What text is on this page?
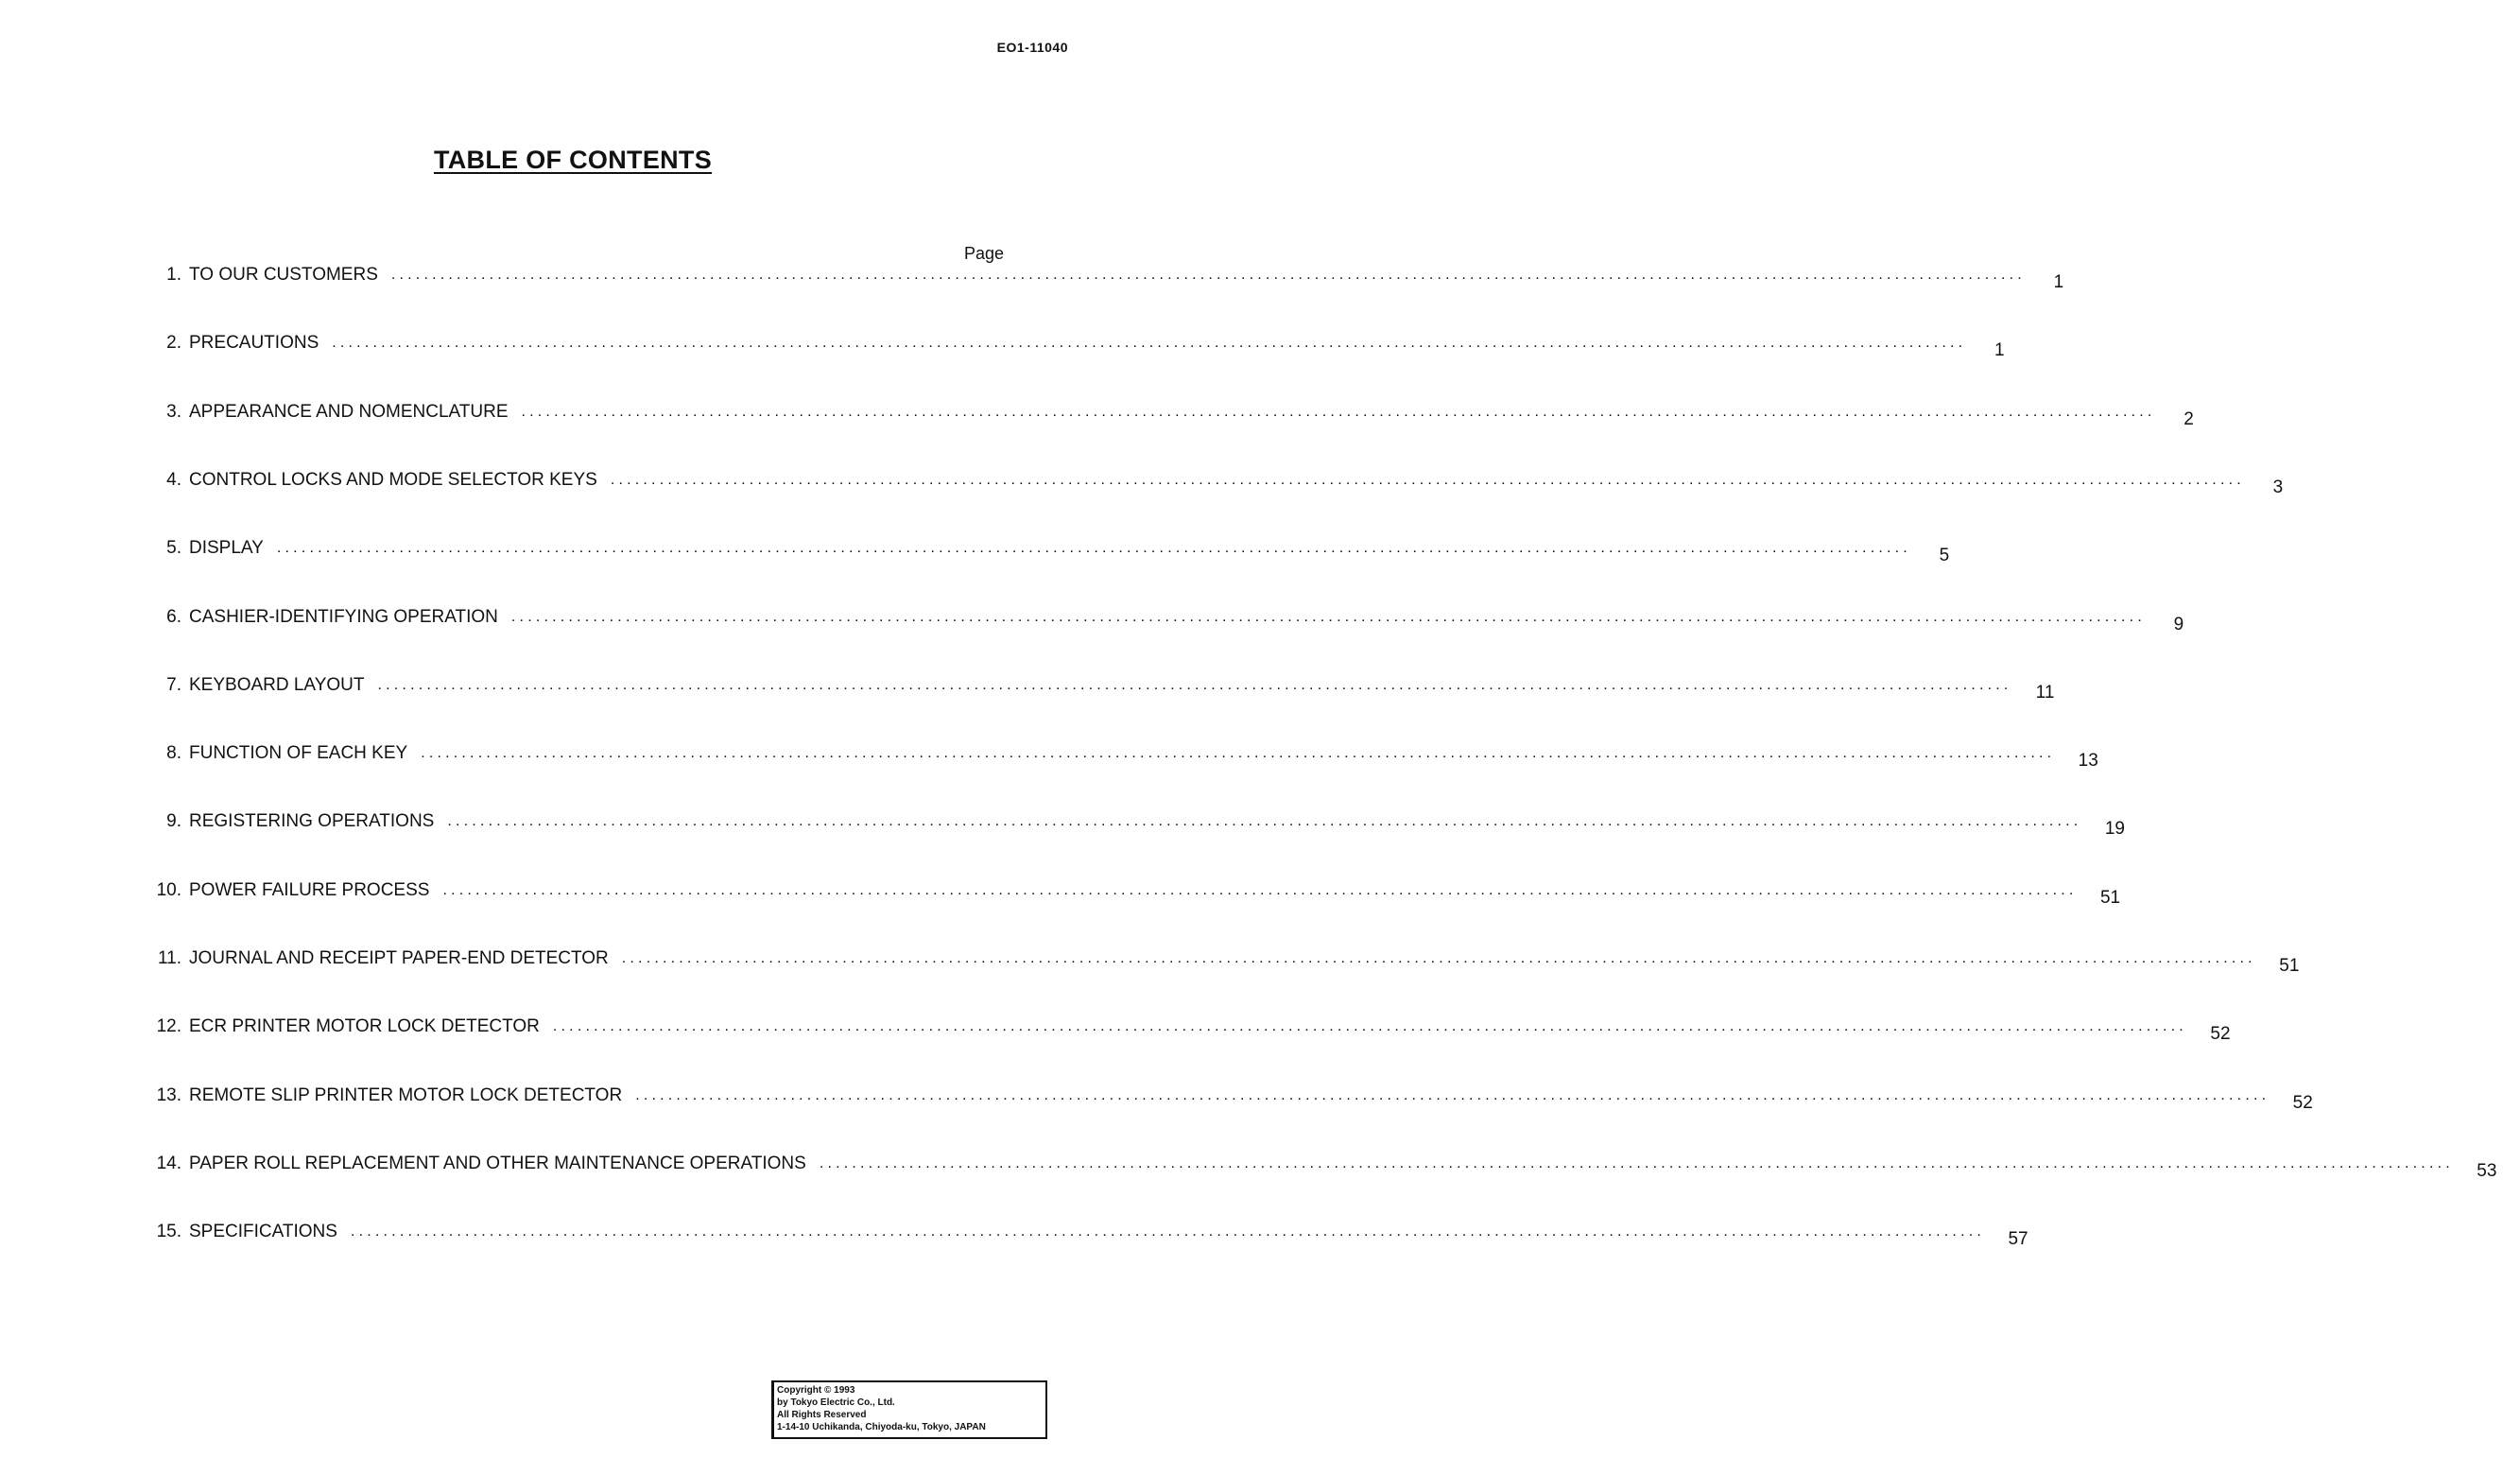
EO1-11040
TABLE OF CONTENTS
Page
1. TO OUR CUSTOMERS ........................................................................................................................................................................................................	1
2. PRECAUTIONS ........................................................................................................................................................................................................	1
3. APPEARANCE AND NOMENCLATURE ........................................................................................................................................................................................................	2
4. CONTROL LOCKS AND MODE SELECTOR KEYS ........................................................................................................................................................................................................	3
5. DISPLAY ........................................................................................................................................................................................................	5
6. CASHIER-IDENTIFYING OPERATION ........................................................................................................................................................................................................	9
7. KEYBOARD LAYOUT ........................................................................................................................................................................................................	11
8. FUNCTION OF EACH KEY ........................................................................................................................................................................................................	13
9. REGISTERING OPERATIONS ........................................................................................................................................................................................................	19
10. POWER FAILURE PROCESS ........................................................................................................................................................................................................	51
11. JOURNAL AND RECEIPT PAPER-END DETECTOR ........................................................................................................................................................................................................	51
12. ECR PRINTER MOTOR LOCK DETECTOR ........................................................................................................................................................................................................	52
13. REMOTE SLIP PRINTER MOTOR LOCK DETECTOR ........................................................................................................................................................................................................	52
14. PAPER ROLL REPLACEMENT AND OTHER MAINTENANCE OPERATIONS ........................................................................................................................................................................................................	53
15. SPECIFICATIONS ........................................................................................................................................................................................................	57
Copyright © 1993
by Tokyo Electric Co., Ltd.
All Rights Reserved
1-14-10 Uchikanda, Chiyoda-ku, Tokyo, JAPAN
